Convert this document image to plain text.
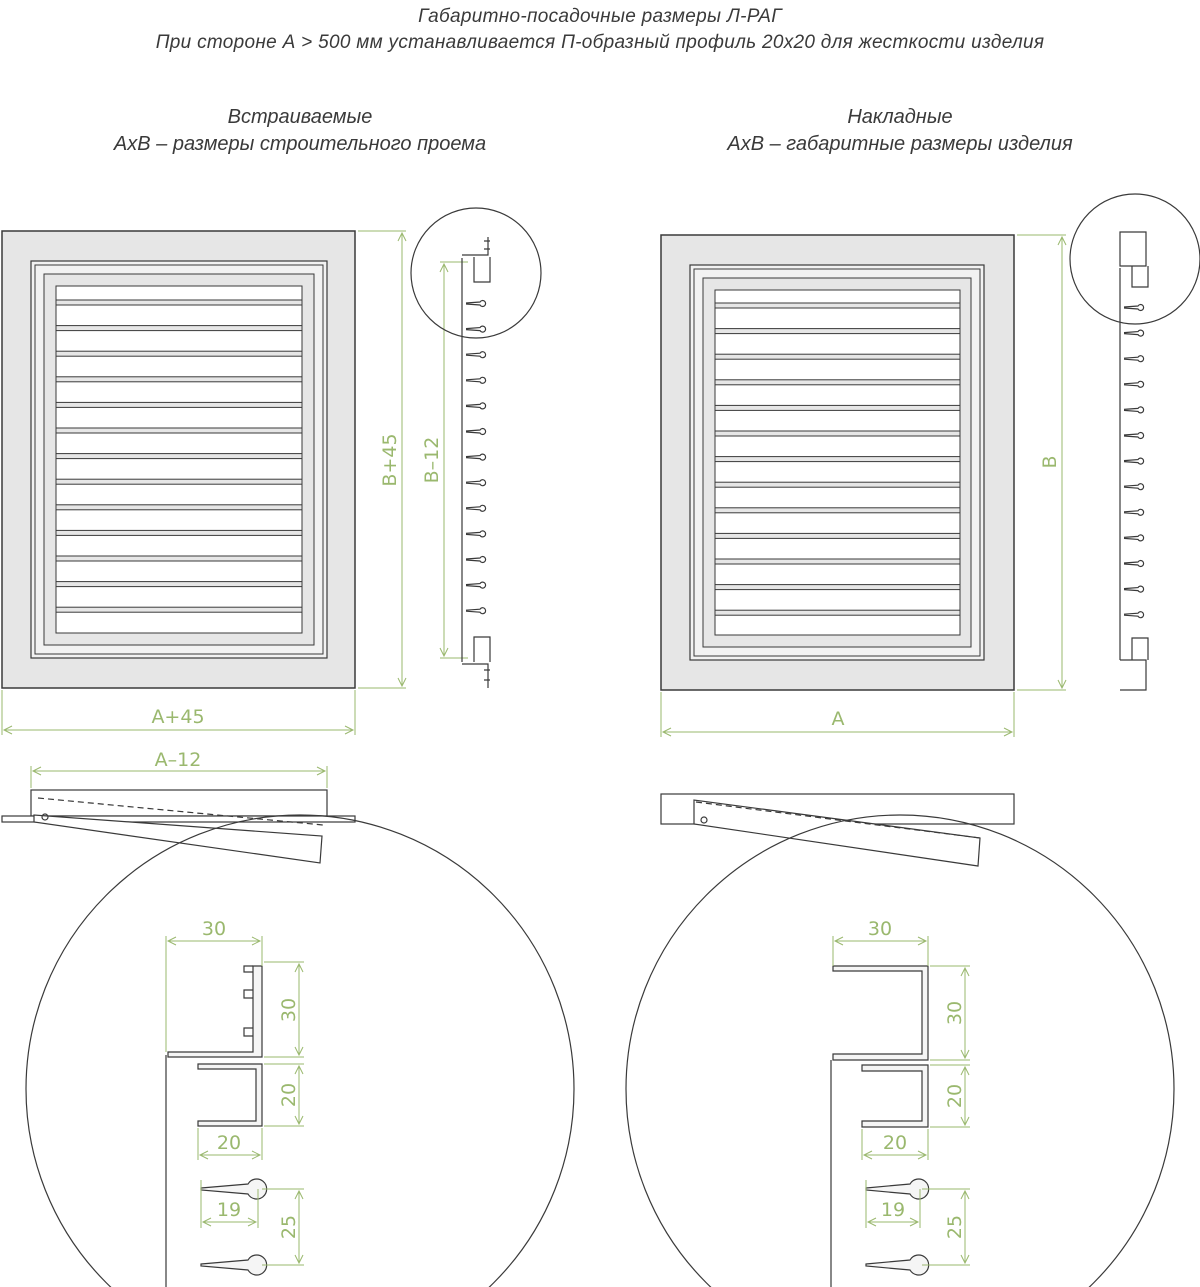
Габаритно-посадочные размеры Л-РАГ
При стороне А > 500 мм устанавливается П-образный профиль 20х20 для жесткости изделия
Встраиваемые
AxB – размеры строительного проема
Накладные
AxB – габаритные размеры изделия
A+45
B+45 B–12
A–12
A
B
30
30
20
20
19
25
30
30
20
20
19
25
